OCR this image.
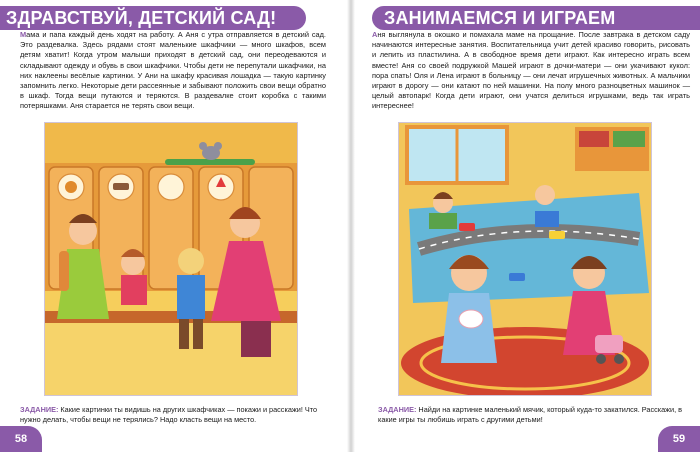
ЗДРАВСТВУЙ, ДЕТСКИЙ САД!
Мама и папа каждый день ходят на работу. А Аня с утра отправляется в детский сад. Это раздевалка. Здесь рядами стоят маленькие шкафчики — много шкафов, всем детям хватит! Когда утром малыши приходят в детский сад, они переодеваются и складывают одежду и обувь в свои шкафчики. Чтобы дети не перепутали шкафчики, на них наклеены весёлые картинки. У Ани на шкафу красивая лошадка — такую картинку запомнить легко. Некоторые дети рассеянные и забывают положить свои вещи обратно в шкаф. Тогда вещи путаются и теряются. В раздевалке стоит коробка с такими потеряшками. Аня старается не терять свои вещи.
ЗАДАНИЕ: Какие картинки ты видишь на других шкафчиках — покажи и расскажи! Что нужно делать, чтобы вещи не терялись? Надо класть вещи на место.
58
ЗАНИМАЕМСЯ И ИГРАЕМ
Аня выглянула в окошко и помахала маме на прощание. После завтрака в детском саду начинаются интересные занятия. Воспитательница учит детей красиво говорить, рисовать и лепить из пластилина. А в свободное время дети играют. Как интересно играть всем вместе! Аня со своей подружкой Машей играют в дочки-матери — они укачивают кукол: пора спать! Оля и Лена играют в больницу — они лечат игрушечных животных. А мальчики играют в дорогу — они катают по ней машинки. На полу много разноцветных машинок — целый автопарк! Когда дети играют, они учатся делиться игрушками, ведь так играть интереснее!
ЗАДАНИЕ: Найди на картинке маленький мячик, который куда-то закатился. Расскажи, в какие игры ты любишь играть с другими детьми!
59
